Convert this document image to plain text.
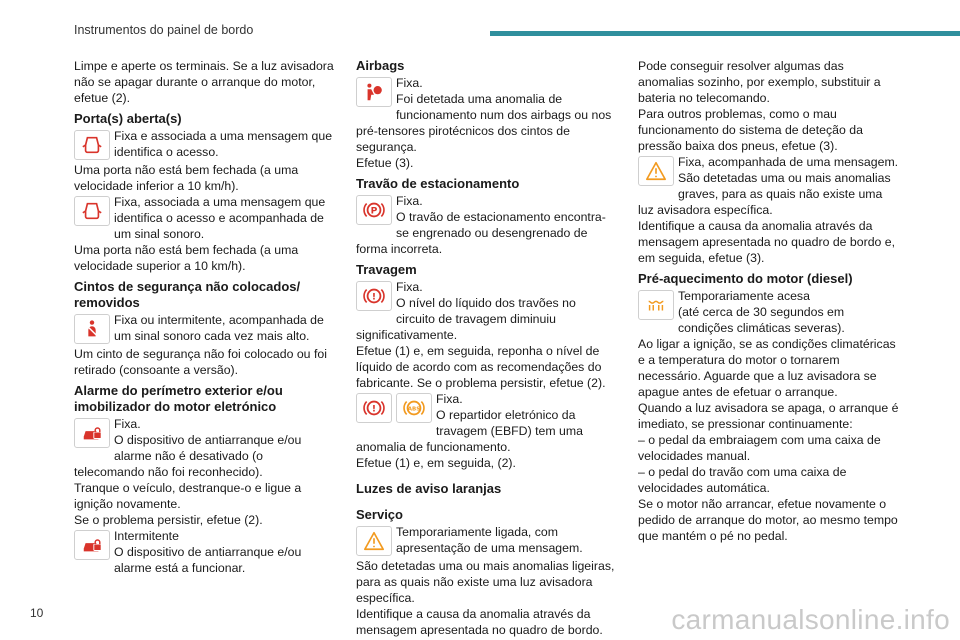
Instrumentos do painel de bordo

Limpe e aperte os terminais. Se a luz avisadora não se apagar durante o arranque do motor, efetue (2).

Porta(s) aberta(s)

Fixa e associada a uma mensagem que identifica o acesso.

Uma porta não está bem fechada (a uma velocidade inferior a 10 km/h).

Fixa, associada a uma mensagem que identifica o acesso e acompanhada de um sinal sonoro.

Uma porta não está bem fechada (a uma velocidade superior a 10 km/h).

Cintos de segurança não colocados/ removidos

Fixa ou intermitente, acompanhada de um sinal sonoro cada vez mais alto.

Um cinto de segurança não foi colocado ou foi retirado (consoante a versão).

Alarme do perímetro exterior e/ou imobilizador do motor eletrónico

Fixa.

O dispositivo de antiarranque e/ou alarme não é desativado (o telecomando não foi reconhecido).

Tranque o veículo, destranque-o e ligue a ignição novamente.

Se o problema persistir, efetue (2).

Intermitente

O dispositivo de antiarranque e/ou alarme está a funcionar.

Airbags

Fixa.

Foi detetada uma anomalia de funcionamento num dos airbags ou nos pré-tensores pirotécnicos dos cintos de segurança.

Efetue (3).

Travão de estacionamento
P

Fixa.

O travão de estacionamento encontra-se engrenado ou desengrenado de forma incorreta.

Travagem
!

Fixa.

O nível do líquido dos travões no circuito de travagem diminuiu significativamente.

Efetue (1) e, em seguida, reponha o nível de líquido de acordo com as recomendações do fabricante. Se o problema persistir, efetue (2).

!	ABS

Fixa.

O repartidor eletrónico da travagem (EBFD) tem uma anomalia de funcionamento.

Efetue (1) e, em seguida, (2).

Luzes de aviso laranjas
Serviço

Temporariamente ligada, com apresentação de uma mensagem.

São detetadas uma ou mais anomalias ligeiras, para as quais não existe uma luz avisadora específica.

Identifique a causa da anomalia através da mensagem apresentada no quadro de bordo.

Pode conseguir resolver algumas das anomalias sozinho, por exemplo, substituir a bateria no telecomando.

Para outros problemas, como o mau funcionamento do sistema de deteção da pressão baixa dos pneus, efetue (3).

Fixa, acompanhada de uma mensagem. São detetadas uma ou mais anomalias graves, para as quais não existe uma luz avisadora específica.

Identifique a causa da anomalia através da mensagem apresentada no quadro de bordo e, em seguida, efetue (3).

Pré-aquecimento do motor (diesel)

Temporariamente acesa

(até cerca de 30 segundos em condições climáticas severas).

Ao ligar a ignição, se as condições climatéricas e a temperatura do motor o tornarem necessário. Aguarde que a luz avisadora se apague antes de efetuar o arranque.

Quando a luz avisadora se apaga, o arranque é imediato, se pressionar continuamente:

– o pedal da embraiagem com uma caixa de velocidades manual.

– o pedal do travão com uma caixa de velocidades automática.

Se o motor não arrancar, efetue novamente o pedido de arranque do motor, ao mesmo tempo que mantém o pé no pedal.

10	carmanualsonline.info
